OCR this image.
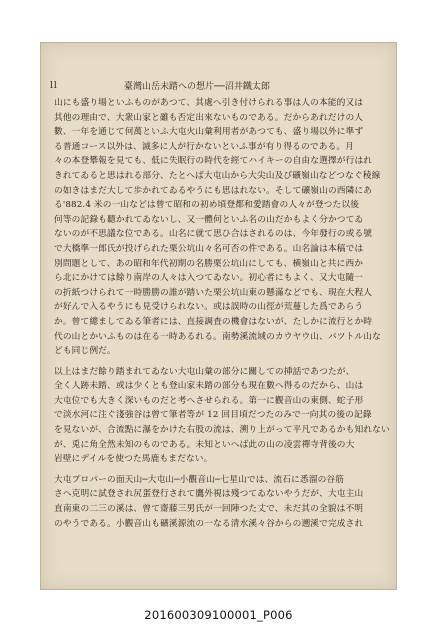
ll	臺灣山岳未踏への想片──沼井鐵太郎
山にも盛り場といふものがあつて、其處へ引き付けられる事は人の本能的又は
其他の理由で、大衆山家と雖も否定出來ないものである。だからあれだけの人
數、一年を通じて何萬といふ大屯火山彙利用者があつても、盛り場以外に準ず
る普通コース以外は、滅多に人が行かないといふ事が有り得るのである。月
々の本登攀報を見ても、低に失眠行の時代を經てハイキーの自由な選擇が行はれ
きれてゐると思はれる部分、たとへば大屯山から大尖山及び礦嶺山などつなぐ稜線
の如きはまだ大して歩かれてゐるやうにも思はれない。そして礦嶺山の西隣にあ
る'882.4 米の一山などは曾て昭和の初め頃登都和愛踏會の人々が登つた以後
何等の記錄も聽かれてゐないし、又一體何といふ名の山だかもよく分かつてゐ
ないのが不思議な位である。山名に就て思ひ合はされるのは、今年發行の或る號
で大橋準一郎氏が投げられた栗公坑山々名可否の件である。山名論は本稿では
別問題として、あの昭和年代初期の名勝栗公坑山にしても、横嶺山と共に西か
ら北にかけては餘り南岸の人々は入つてゐない。初心者にもよく、又大屯隨一
の折紙つけられて一時勝勝の誰が踏いた栗公坑山東の懸滿などでも、現在大程人
が好んで入るやうにも見受けられない。或は誤時の山徑が荒蔓した爲であらう
か。曾て總ましてゐる筆者には、直接調査の機會はないが、たしかに流行とか時
代の山とかいふものは在る一時あるれる。南勢溪流域のカウヤウ山、バツトル山な
ども同じ例だ。
以上はまだ餘り踏まれてゐない大屯山彙の部分に關しての挿話であつたが、
全く人跡未踏、或は少くとも登山家未踏の部分も現在數へ得るのだから、山は
大屯位でも大きく深いものだと考へさせられる。第一に觀音山の東側、蛇子形
で淡水河に注ぐ淺強谷は曾て筆者等が 12 回目頃だつたのみで一向其の後の記錄
を見ないが、合流點に瀑をかけた右股の流は、溯り上がって平凡であるかも知れない
が、兎に角全然未知のものである。未知といへば此の山の凌雲禪寺背後の大
岩壁にデイルを使つた馬鹿もまだない。
大屯プロパーの面天山─大屯山─小觀音山─七星山では、流石に悉溜の谷筋
さへ克明に試登され尻蛋登行されて鷹外視は殘つてゐないやうだが、大屯主山
直南東の二三の溪は、曾て齋藤三男氏が一回陣つた丈で、未だ其の全貌は不明
のやうである。小觀音山も礦溪源流の一なる清水溪々谷からの遡溪で完成され
201600309100001_P006
